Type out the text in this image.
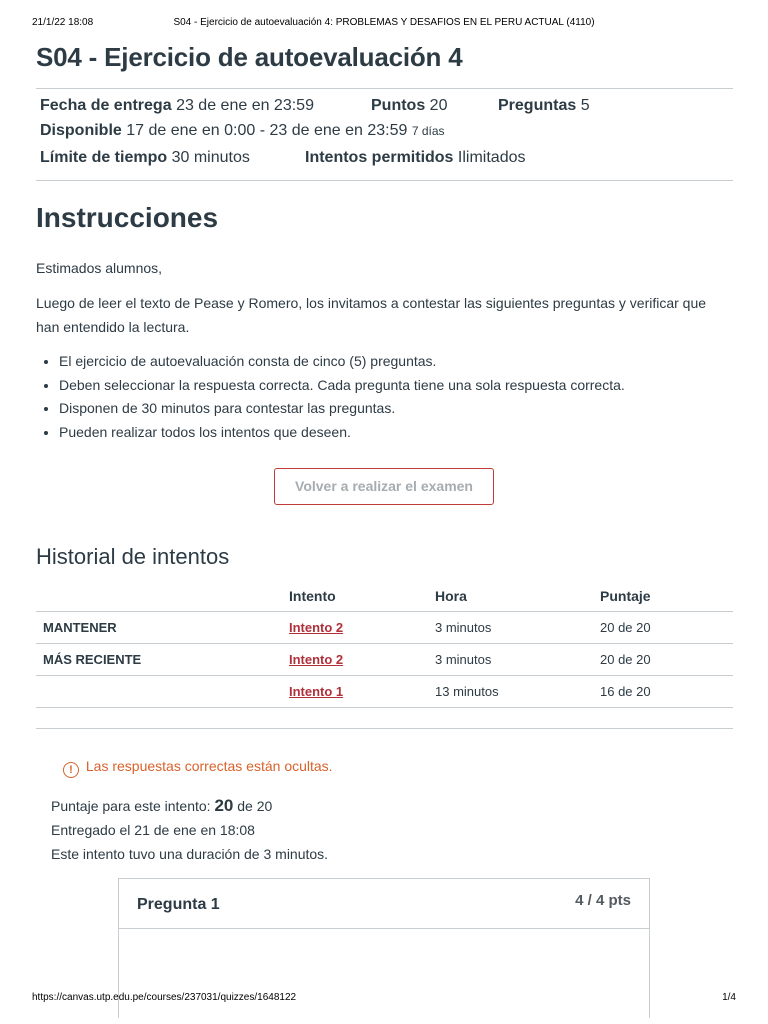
21/1/22 18:08	S04 - Ejercicio de autoevaluación 4: PROBLEMAS Y DESAFIOS EN EL PERU ACTUAL (4110)
S04 - Ejercicio de autoevaluación 4
Fecha de entrega 23 de ene en 23:59	Puntos 20	Preguntas 5
Disponible 17 de ene en 0:00 - 23 de ene en 23:59 7 días
Límite de tiempo 30 minutos	Intentos permitidos Ilimitados
Instrucciones

Estimados alumnos,

Luego de leer el texto de Pease y Romero, los invitamos a contestar las siguientes preguntas y verificar que han entendido la lectura.

• El ejercicio de autoevaluación consta de cinco (5) preguntas.
• Deben seleccionar la respuesta correcta. Cada pregunta tiene una sola respuesta correcta.
• Disponen de 30 minutos para contestar las preguntas.
• Pueden realizar todos los intentos que deseen.
Volver a realizar el examen
Historial de intentos
	Intento	Hora	Puntaje
MANTENER	Intento 2	3 minutos	20 de 20
MÁS RECIENTE	Intento 2	3 minutos	20 de 20
	Intento 1	13 minutos	16 de 20
! Las respuestas correctas están ocultas.
Puntaje para este intento: 20 de 20
Entregado el 21 de ene en 18:08
Este intento tuvo una duración de 3 minutos.
Pregunta 1	4 / 4 pts
https://canvas.utp.edu.pe/courses/237031/quizzes/1648122	1/4
